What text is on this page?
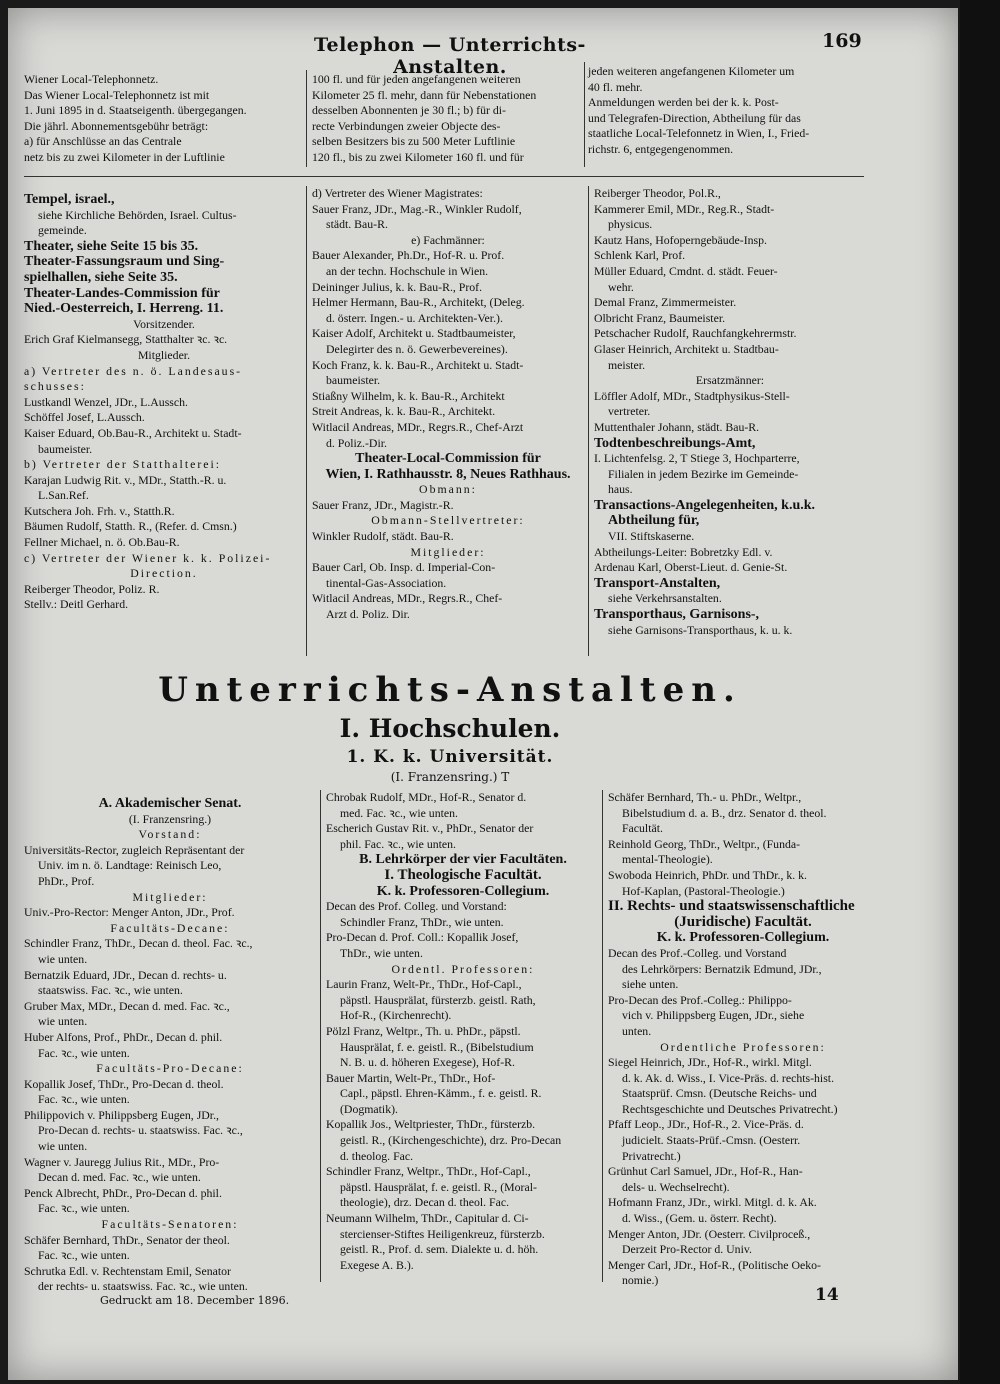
Telephon — Unterrichts-Anstalten.
169

Wiener Local-Telephonnetz.

Das Wiener Local-Telephonnetz ist mit

1. Juni 1895 in d. Staatseigenth. übergegangen.

Die jährl. Abonnementsgebühr beträgt:

a) für Anschlüsse an das Centrale

netz bis zu zwei Kilometer in der Luftlinie

100 fl. und für jeden angefangenen weiteren

Kilometer 25 fl. mehr, dann für Nebenstationen

desselben Abonnenten je 30 fl.; b) für di-

recte Verbindungen zweier Objecte des-

selben Besitzers bis zu 500 Meter Luftlinie

120 fl., bis zu zwei Kilometer 160 fl. und für

jeden weiteren angefangenen Kilometer um

40 fl. mehr.

Anmeldungen werden bei der k. k. Post-

und Telegrafen-Direction, Abtheilung für das

staatliche Local-Telefonnetz in Wien, I., Fried-

richstr. 6, entgegengenommen.

Tempel, israel.,

siehe Kirchliche Behörden, Israel. Cultus-

gemeinde.

Theater, siehe Seite 15 bis 35.

Theater-Fassungsraum und Sing-

spielhallen, siehe Seite 35.

Theater-Landes-Commission für

Nied.-Oesterreich, I. Herreng. 11.

Vorsitzender.

Erich Graf Kielmansegg, Statthalter ꝛc. ꝛc.

Mitglieder.

a) Vertreter des n. ö. Landesaus-

schusses:

Lustkandl Wenzel, JDr., L.Aussch.

Schöffel Josef, L.Aussch.

Kaiser Eduard, Ob.Bau-R., Architekt u. Stadt-

baumeister.

b) Vertreter der Statthalterei:

Karajan Ludwig Rit. v., MDr., Statth.-R. u.

L.San.Ref.

Kutschera Joh. Frh. v., Statth.R.

Bäumen Rudolf, Statth. R., (Refer. d. Cmsn.)

Fellner Michael, n. ö. Ob.Bau-R.

c) Vertreter der Wiener k. k. Polizei-

Direction.

Reiberger Theodor, Poliz. R.

Stellv.: Deitl Gerhard.

d) Vertreter des Wiener Magistrates:

Sauer Franz, JDr., Mag.-R., Winkler Rudolf,

städt. Bau-R.

e) Fachmänner:

Bauer Alexander, Ph.Dr., Hof-R. u. Prof.

an der techn. Hochschule in Wien.

Deininger Julius, k. k. Bau-R., Prof.

Helmer Hermann, Bau-R., Architekt, (Deleg.

d. österr. Ingen.- u. Architekten-Ver.).

Kaiser Adolf, Architekt u. Stadtbaumeister,

Delegirter des n. ö. Gewerbevereines).

Koch Franz, k. k. Bau-R., Architekt u. Stadt-

baumeister.

Stiaßny Wilhelm, k. k. Bau-R., Architekt

Streit Andreas, k. k. Bau-R., Architekt.

Witlacil Andreas, MDr., Regrs.R., Chef-Arzt

d. Poliz.-Dir.

Theater-Local-Commission für

Wien, I. Rathhausstr. 8, Neues Rathhaus.

Obmann:

Sauer Franz, JDr., Magistr.-R.

Obmann-Stellvertreter:

Winkler Rudolf, städt. Bau-R.

Mitglieder:

Bauer Carl, Ob. Insp. d. Imperial-Con-

tinental-Gas-Association.

Witlacil Andreas, MDr., Regrs.R., Chef-

Arzt d. Poliz. Dir.

Reiberger Theodor, Pol.R.,

Kammerer Emil, MDr., Reg.R., Stadt-

physicus.

Kautz Hans, Hofoperngebäude-Insp.

Schlenk Karl, Prof.

Müller Eduard, Cmdnt. d. städt. Feuer-

wehr.

Demal Franz, Zimmermeister.

Olbricht Franz, Baumeister.

Petschacher Rudolf, Rauchfangkehrermstr.

Glaser Heinrich, Architekt u. Stadtbau-

meister.

Ersatzmänner:

Löffler Adolf, MDr., Stadtphysikus-Stell-

vertreter.

Muttenthaler Johann, städt. Bau-R.

Todtenbeschreibungs-Amt,

I. Lichtenfelsg. 2, T Stiege 3, Hochparterre,

Filialen in jedem Bezirke im Gemeinde-

haus.

Transactions-Angelegenheiten, k.u.k.

Abtheilung für,

VII. Stiftskaserne.

Abtheilungs-Leiter: Bobretzky Edl. v.

Ardenau Karl, Oberst-Lieut. d. Genie-St.

Transport-Anstalten,

siehe Verkehrsanstalten.

Transporthaus, Garnisons-,

siehe Garnisons-Transporthaus, k. u. k.

Unterrichts-Anstalten.
I. Hochschulen.
1. K. k. Universität.
(I. Franzensring.) T

A. Akademischer Senat.

(I. Franzensring.)

Vorstand:

Universitäts-Rector, zugleich Repräsentant der

Univ. im n. ö. Landtage: Reinisch Leo,

PhDr., Prof.

Mitglieder:

Univ.-Pro-Rector: Menger Anton, JDr., Prof.

Facultäts-Decane:

Schindler Franz, ThDr., Decan d. theol. Fac. ꝛc.,

wie unten.

Bernatzik Eduard, JDr., Decan d. rechts- u.

staatswiss. Fac. ꝛc., wie unten.

Gruber Max, MDr., Decan d. med. Fac. ꝛc.,

wie unten.

Huber Alfons, Prof., PhDr., Decan d. phil.

Fac. ꝛc., wie unten.

Facultäts-Pro-Decane:

Kopallik Josef, ThDr., Pro-Decan d. theol.

Fac. ꝛc., wie unten.

Philippovich v. Philippsberg Eugen, JDr.,

Pro-Decan d. rechts- u. staatswiss. Fac. ꝛc.,

wie unten.

Wagner v. Jauregg Julius Rit., MDr., Pro-

Decan d. med. Fac. ꝛc., wie unten.

Penck Albrecht, PhDr., Pro-Decan d. phil.

Fac. ꝛc., wie unten.

Facultäts-Senatoren:

Schäfer Bernhard, ThDr., Senator der theol.

Fac. ꝛc., wie unten.

Schrutka Edl. v. Rechtenstam Emil, Senator

der rechts- u. staatswiss. Fac. ꝛc., wie unten.

Chrobak Rudolf, MDr., Hof-R., Senator d.

med. Fac. ꝛc., wie unten.

Escherich Gustav Rit. v., PhDr., Senator der

phil. Fac. ꝛc., wie unten.

B. Lehrkörper der vier Facultäten.

I. Theologische Facultät.

K. k. Professoren-Collegium.

Decan des Prof. Colleg. und Vorstand:

Schindler Franz, ThDr., wie unten.

Pro-Decan d. Prof. Coll.: Kopallik Josef,

ThDr., wie unten.

Ordentl. Professoren:

Laurin Franz, Welt-Pr., ThDr., Hof-Capl.,

päpstl. Hausprälat, fürsterzb. geistl. Rath,

Hof-R., (Kirchenrecht).

Pölzl Franz, Weltpr., Th. u. PhDr., päpstl.

Hausprälat, f. e. geistl. R., (Bibelstudium

N. B. u. d. höheren Exegese), Hof-R.

Bauer Martin, Welt-Pr., ThDr., Hof-

Capl., päpstl. Ehren-Kämm., f. e. geistl. R.

(Dogmatik).

Kopallik Jos., Weltpriester, ThDr., fürsterzb.

geistl. R., (Kirchengeschichte), drz. Pro-Decan

d. theolog. Fac.

Schindler Franz, Weltpr., ThDr., Hof-Capl.,

päpstl. Hausprälat, f. e. geistl. R., (Moral-

theologie), drz. Decan d. theol. Fac.

Neumann Wilhelm, ThDr., Capitular d. Ci-

stercienser-Stiftes Heiligenkreuz, fürsterzb.

geistl. R., Prof. d. sem. Dialekte u. d. höh.

Exegese A. B.).

Schäfer Bernhard, Th.- u. PhDr., Weltpr.,

Bibelstudium d. a. B., drz. Senator d. theol.

Facultät.

Reinhold Georg, ThDr., Weltpr., (Funda-

mental-Theologie).

Swoboda Heinrich, PhDr. und ThDr., k. k.

Hof-Kaplan, (Pastoral-Theologie.)

II. Rechts- und staatswissenschaftliche

(Juridische) Facultät.

K. k. Professoren-Collegium.

Decan des Prof.-Colleg. und Vorstand

des Lehrkörpers: Bernatzik Edmund, JDr.,

siehe unten.

Pro-Decan des Prof.-Colleg.: Philippo-

vich v. Philippsberg Eugen, JDr., siehe

unten.

Ordentliche Professoren:

Siegel Heinrich, JDr., Hof-R., wirkl. Mitgl.

d. k. Ak. d. Wiss., I. Vice-Präs. d. rechts-hist.

Staatsprüf. Cmsn. (Deutsche Reichs- und

Rechtsgeschichte und Deutsches Privatrecht.)

Pfaff Leop., JDr., Hof-R., 2. Vice-Präs. d.

judicielt. Staats-Prüf.-Cmsn. (Oesterr.

Privatrecht.)

Grünhut Carl Samuel, JDr., Hof-R., Han-

dels- u. Wechselrecht).

Hofmann Franz, JDr., wirkl. Mitgl. d. k. Ak.

d. Wiss., (Gem. u. österr. Recht).

Menger Anton, JDr. (Oesterr. Civilproceß.,

Derzeit Pro-Rector d. Univ.

Menger Carl, JDr., Hof-R., (Politische Oeko-

nomie.)

Gedruckt am 18. December 1896.	14
